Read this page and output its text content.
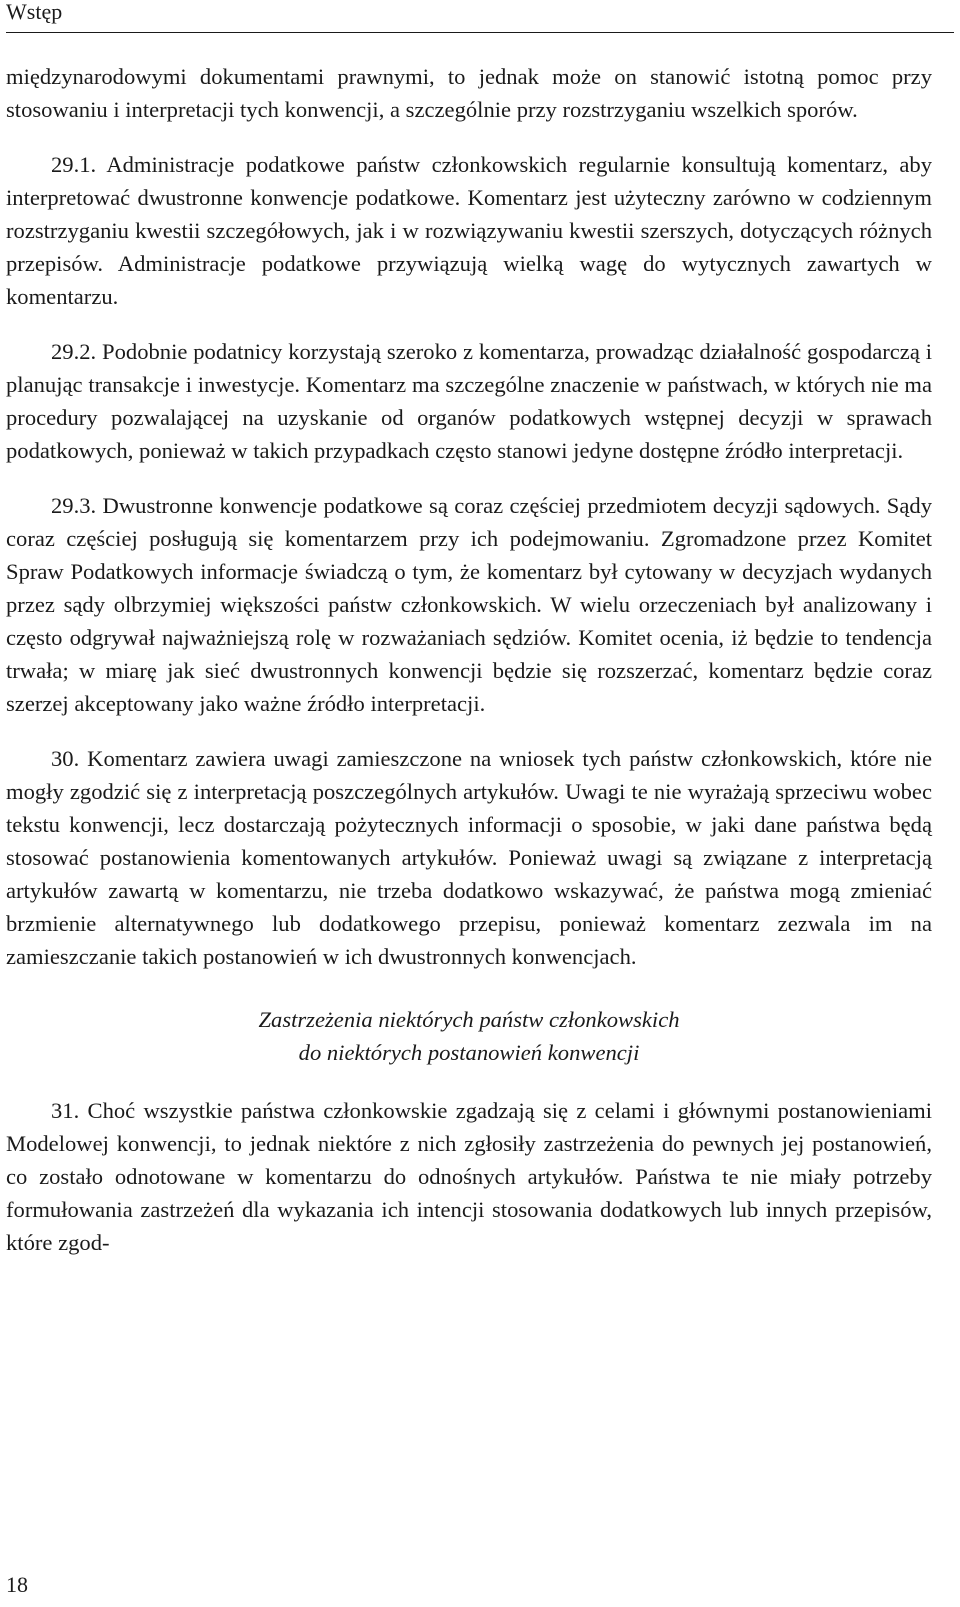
Wstęp

międzynarodowymi dokumentami prawnymi, to jednak może on stanowić istotną pomoc przy stosowaniu i interpretacji tych konwencji, a szczególnie przy rozstrzyganiu wszelkich sporów.

29.1. Administracje podatkowe państw członkowskich regularnie konsultują komentarz, aby interpretować dwustronne konwencje podatkowe. Komentarz jest użyteczny zarówno w codziennym rozstrzyganiu kwestii szczegółowych, jak i w rozwiązywaniu kwestii szerszych, dotyczących różnych przepisów. Administracje podatkowe przywiązują wielką wagę do wytycznych zawartych w komentarzu.

29.2. Podobnie podatnicy korzystają szeroko z komentarza, prowadząc działalność gospodarczą i planując transakcje i inwestycje. Komentarz ma szczególne znaczenie w państwach, w których nie ma procedury pozwalającej na uzyskanie od organów podatkowych wstępnej decyzji w sprawach podatkowych, ponieważ w takich przypadkach często stanowi jedyne dostępne źródło interpretacji.

29.3. Dwustronne konwencje podatkowe są coraz częściej przedmiotem decyzji sądowych. Sądy coraz częściej posługują się komentarzem przy ich podejmowaniu. Zgromadzone przez Komitet Spraw Podatkowych informacje świadczą o tym, że komentarz był cytowany w decyzjach wydanych przez sądy olbrzymiej większości państw członkowskich. W wielu orzeczeniach był analizowany i często odgrywał najważniejszą rolę w rozważaniach sędziów. Komitet ocenia, iż będzie to tendencja trwała; w miarę jak sieć dwustronnych konwencji będzie się rozszerzać, komentarz będzie coraz szerzej akceptowany jako ważne źródło interpretacji.

30. Komentarz zawiera uwagi zamieszczone na wniosek tych państw członkowskich, które nie mogły zgodzić się z interpretacją poszczególnych artykułów. Uwagi te nie wyrażają sprzeciwu wobec tekstu konwencji, lecz dostarczają pożytecznych informacji o sposobie, w jaki dane państwa będą stosować postanowienia komentowanych artykułów. Ponieważ uwagi są związane z interpretacją artykułów zawartą w komentarzu, nie trzeba dodatkowo wskazywać, że państwa mogą zmieniać brzmienie alternatywnego lub dodatkowego przepisu, ponieważ komentarz zezwala im na zamieszczanie takich postanowień w ich dwustronnych konwencjach.

Zastrzeżenia niektórych państw członkowskich
do niektórych postanowień konwencji

31. Choć wszystkie państwa członkowskie zgadzają się z celami i głównymi postanowieniami Modelowej konwencji, to jednak niektóre z nich zgłosiły zastrzeżenia do pewnych jej postanowień, co zostało odnotowane w komentarzu do odnośnych artykułów. Państwa te nie miały potrzeby formułowania zastrzeżeń dla wykazania ich intencji stosowania dodatkowych lub innych przepisów, które zgod-

18
